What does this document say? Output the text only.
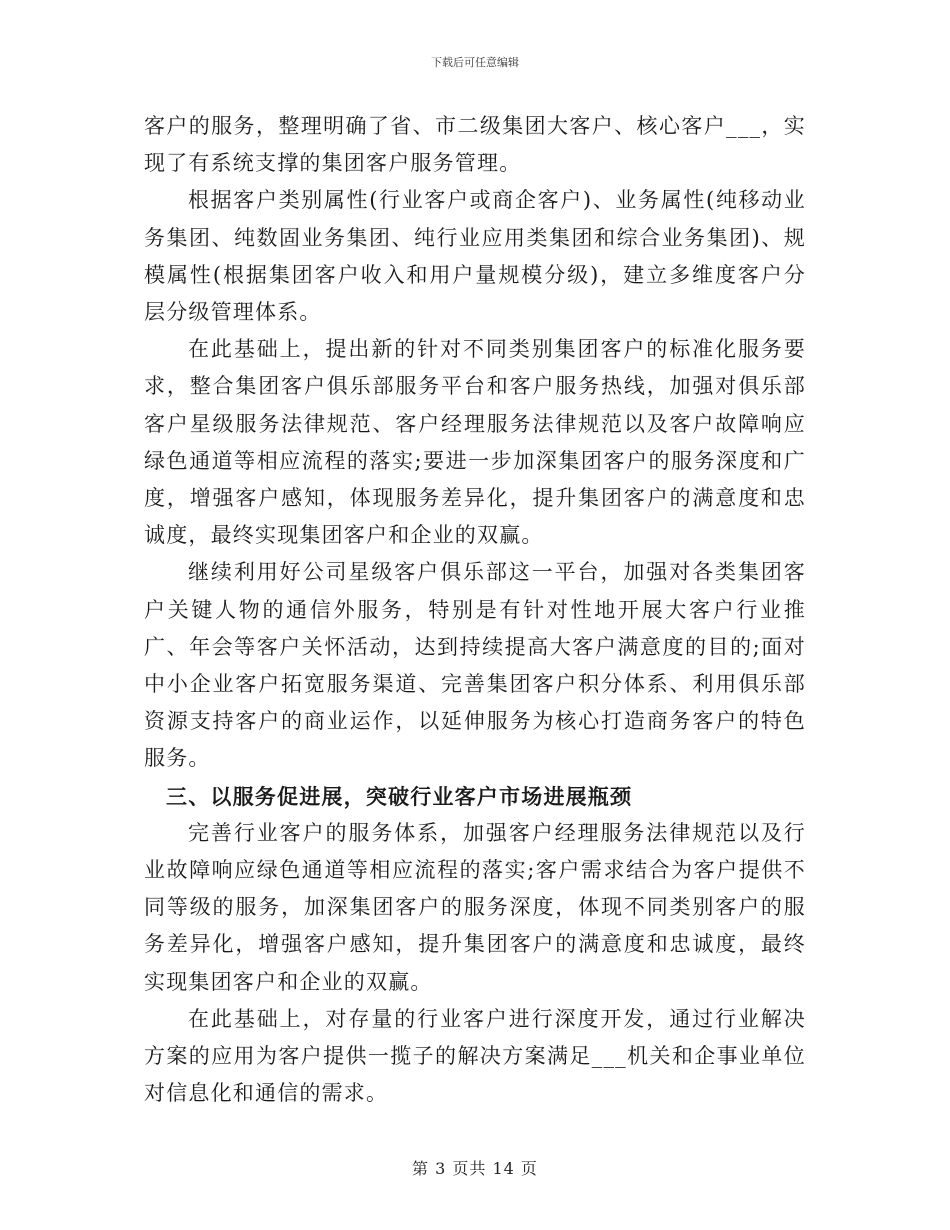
下载后可任意编辑

客户的服务，整理明确了省、市二级集团大客户、核心客户___，实现了有系统支撑的集团客户服务管理。

根据客户类别属性(行业客户或商企客户)、业务属性(纯移动业务集团、纯数固业务集团、纯行业应用类集团和综合业务集团)、规模属性(根据集团客户收入和用户量规模分级)，建立多维度客户分层分级管理体系。

在此基础上，提出新的针对不同类别集团客户的标准化服务要求，整合集团客户俱乐部服务平台和客户服务热线，加强对俱乐部客户星级服务法律规范、客户经理服务法律规范以及客户故障响应绿色通道等相应流程的落实;要进一步加深集团客户的服务深度和广度，增强客户感知，体现服务差异化，提升集团客户的满意度和忠诚度，最终实现集团客户和企业的双赢。

继续利用好公司星级客户俱乐部这一平台，加强对各类集团客户关键人物的通信外服务，特别是有针对性地开展大客户行业推广、年会等客户关怀活动，达到持续提高大客户满意度的目的;面对中小企业客户拓宽服务渠道、完善集团客户积分体系、利用俱乐部资源支持客户的商业运作，以延伸服务为核心打造商务客户的特色服务。

三、以服务促进展，突破行业客户市场进展瓶颈

完善行业客户的服务体系，加强客户经理服务法律规范以及行业故障响应绿色通道等相应流程的落实;客户需求结合为客户提供不同等级的服务，加深集团客户的服务深度，体现不同类别客户的服务差异化，增强客户感知，提升集团客户的满意度和忠诚度，最终实现集团客户和企业的双赢。

在此基础上，对存量的行业客户进行深度开发，通过行业解决方案的应用为客户提供一揽子的解决方案满足___机关和企事业单位对信息化和通信的需求。

第 3 页共 14 页
